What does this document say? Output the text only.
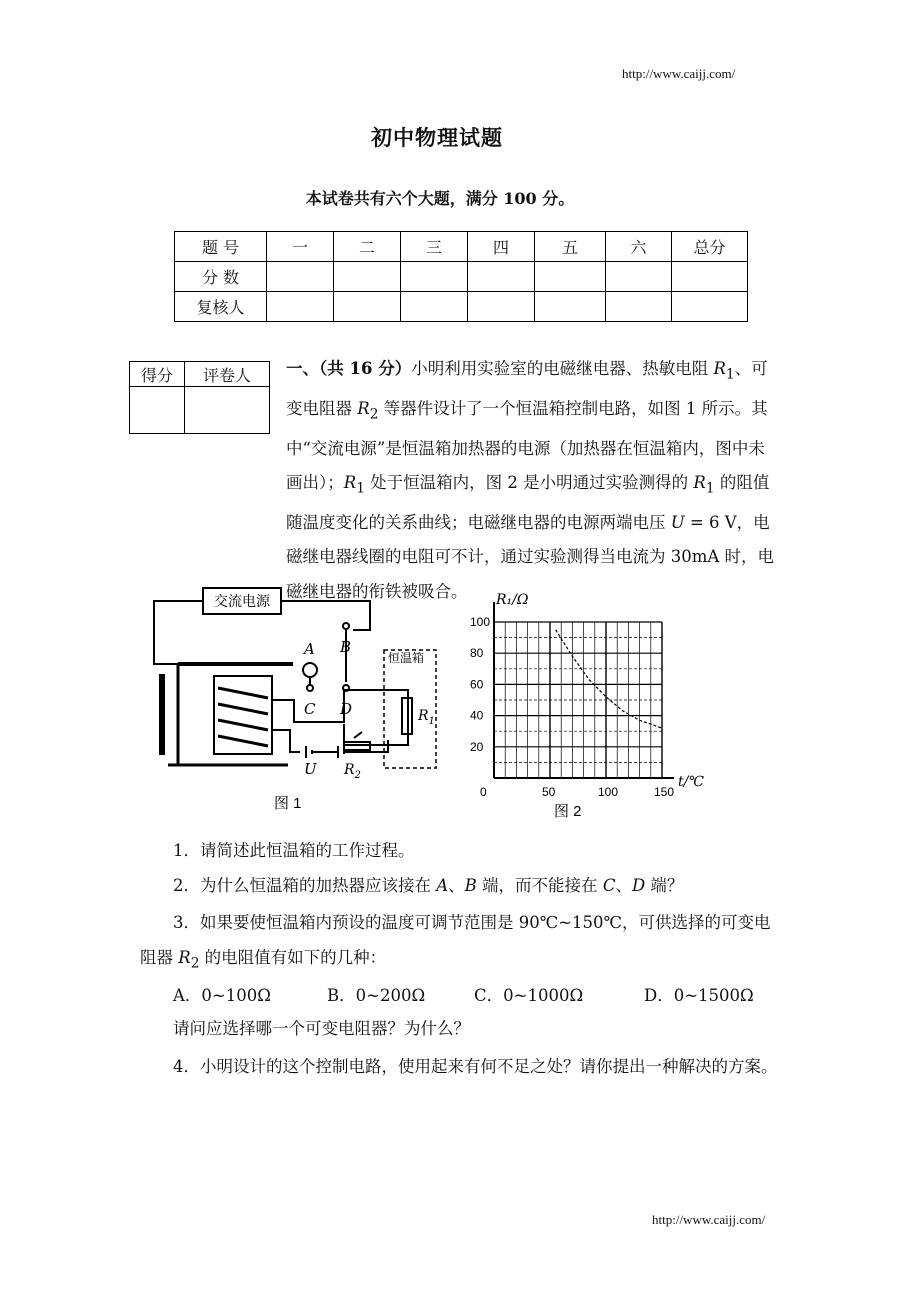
http://www.caijj.com/
初中物理试题
本试卷共有六个大题，满分 100 分。
题 号	一	二	三	四	五	六	总分
分 数							
复核人							
得分	评卷人
		一、（共 16 分）小明利用实验室的电磁继电器、热敏电阻 $R_1$、可变电阻器 $R_2$ 等器件设计了一个恒温箱控制电路，如图 1 所示。其中“交流电源”是恒温箱加热器的电源（加热器在恒温箱内，图中未画出）；$R_1$ 处于恒温箱内，图 2 是小明通过实验测得的 $R_1$ 的阻值随温度变化的关系曲线；电磁继电器的电源两端电压 U = 6 V，电磁继电器线圈的电阻可不计，通过实验测得当电流为 30mA 时，电磁继电器的衔铁被吸合。
交流电源
恒温箱
A B
C D	$R_1$
$R_2$
U
图 1
R₁/Ω
t/℃
20
40
60
80
100
0	50	100	150
图 2
1．请简述此恒温箱的工作过程。
2．为什么恒温箱的加热器应该接在 A、B 端，而不能接在 C、D 端？
3．如果要使恒温箱内预设的温度可调节范围是 90℃~150℃，可供选择的可变电阻器 $R_2$ 的电阻值有如下的几种：
A．0~100Ω	B．0~200Ω	C．0~1000Ω	D．0~1500Ω
请问应选择哪一个可变电阻器？为什么？
4．小明设计的这个控制电路，使用起来有何不足之处？请你提出一种解决的方案。
http://www.caijj.com/
